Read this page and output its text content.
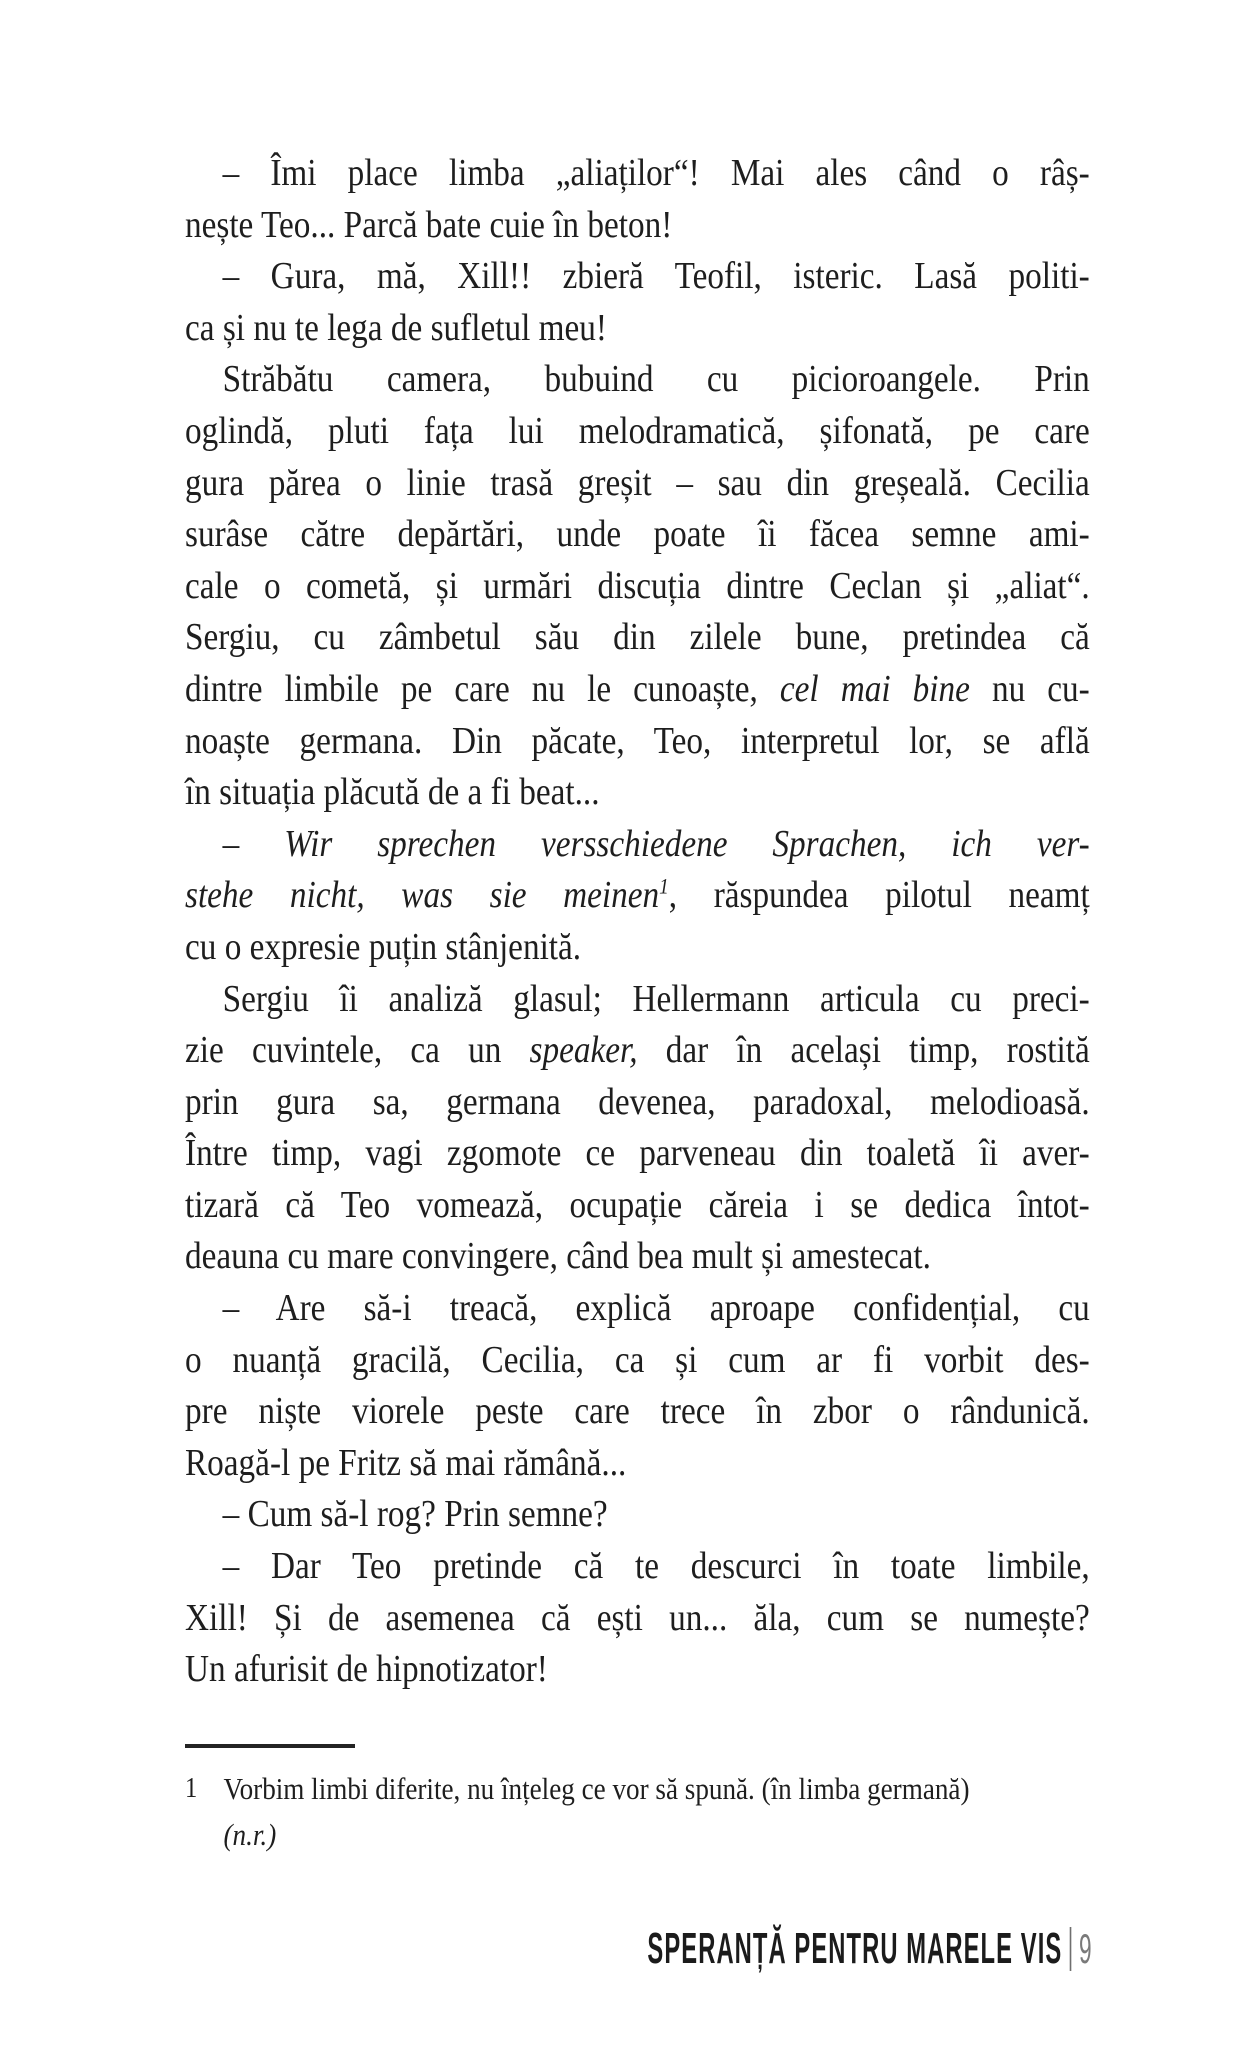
– Îmi place limba „aliaților“! Mai ales când o râș-
nește Teo... Parcă bate cuie în beton!
– Gura, mă, Xill!! zbieră Teofil, isteric. Lasă politi-
ca și nu te lega de sufletul meu!
Străbătu camera, bubuind cu picioroangele. Prin
oglindă, pluti fața lui melodramatică, șifonată, pe care
gura părea o linie trasă greșit – sau din greșeală. Cecilia
surâse către depărtări, unde poate îi făcea semne ami-
cale o cometă, și urmări discuția dintre Ceclan și „aliat“.
Sergiu, cu zâmbetul său din zilele bune, pretindea că
dintre limbile pe care nu le cunoaște, cel mai bine nu cu-
noaște germana. Din păcate, Teo, interpretul lor, se află
în situația plăcută de a fi beat...
– Wir sprechen versschiedene Sprachen, ich ver-
stehe nicht, was sie meinen$^1$, răspundea pilotul neamț
cu o expresie puțin stânjenită.
Sergiu îi analiză glasul; Hellermann articula cu preci-
zie cuvintele, ca un speaker, dar în același timp, rostită
prin gura sa, germana devenea, paradoxal, melodioasă.
Între timp, vagi zgomote ce parveneau din toaletă îi aver-
tizară că Teo vomează, ocupație căreia i se dedica întot-
deauna cu mare convingere, când bea mult și amestecat.
– Are să-i treacă, explică aproape confidențial, cu
o nuanță gracilă, Cecilia, ca și cum ar fi vorbit des-
pre niște viorele peste care trece în zbor o rândunică.
Roagă-l pe Fritz să mai rămână...
– Cum să-l rog? Prin semne?
– Dar Teo pretinde că te descurci în toate limbile,
Xill! Și de asemenea că ești un... ăla, cum se numește?
Un afurisit de hipnotizator!
1 Vorbim limbi diferite, nu înțeleg ce vor să spună. (în limba germană)
(n.r.)
SPERANȚĂ PENTRU MARELE VIS 9
